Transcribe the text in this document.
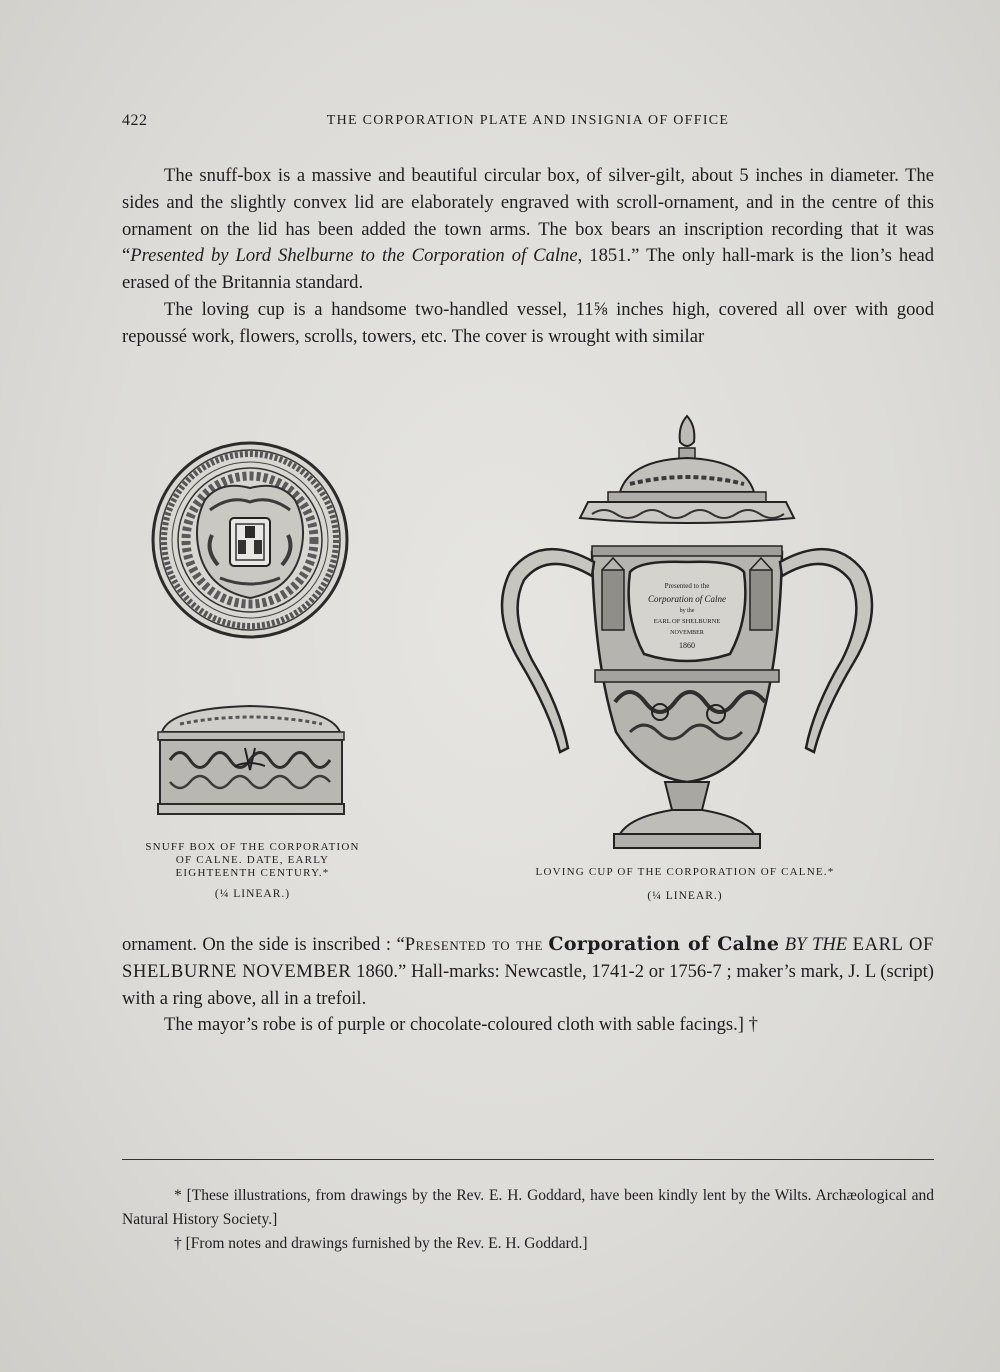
422	THE CORPORATION PLATE AND INSIGNIA OF OFFICE

The snuff-box is a massive and beautiful circular box, of silver-gilt, about 5 inches in diameter. The sides and the slightly convex lid are elaborately engraved with scroll-ornament, and in the centre of this ornament on the lid has been added the town arms. The box bears an inscription recording that it was “Presented by Lord Shelburne to the Corporation of Calne, 1851.” The only hall-mark is the lion’s head erased of the Britannia standard.

The loving cup is a handsome two-handled vessel, 11⅝ inches high, covered all over with good repoussé work, flowers, scrolls, towers, etc. The cover is wrought with similar

SNUFF BOX OF THE CORPORATION OF CALNE. DATE, EARLY EIGHTEENTH CENTURY.*
(¼ LINEAR.)
Presented to the Corporation of Calne by the EARL OF SHELBURNE NOVEMBER 1860
LOVING CUP OF THE CORPORATION OF CALNE.*
(¼ LINEAR.)

ornament. On the side is inscribed : “Presented to the Corporation of Calne BY THE EARL OF SHELBURNE NOVEMBER 1860.” Hall-marks: Newcastle, 1741-2 or 1756-7 ; maker’s mark, J. L (script) with a ring above, all in a trefoil.

The mayor’s robe is of purple or chocolate-coloured cloth with sable facings.] †

* [These illustrations, from drawings by the Rev. E. H. Goddard, have been kindly lent by the Wilts. Archæological and Natural History Society.]

† [From notes and drawings furnished by the Rev. E. H. Goddard.]
